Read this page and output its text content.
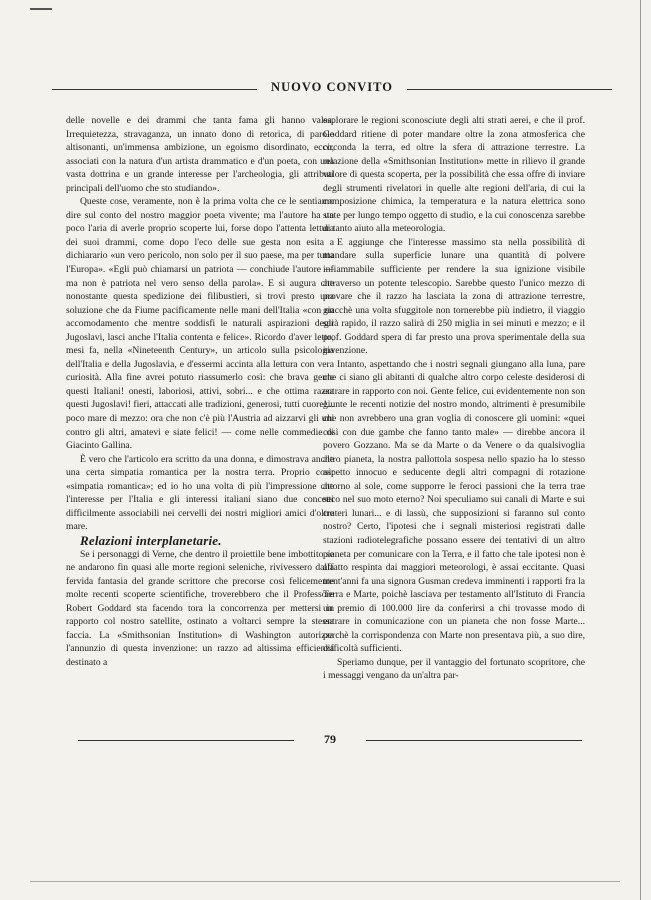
NUOVO CONVITO

delle novelle e dei drammi che tanta fama gli hanno valsa. Irrequietezza, stravaganza, un innato dono di retorica, di parole altisonanti, un'immensa ambizione, un egoismo disordinato, ecco, associati con la natura d'un artista drammatico e d'un poeta, con una vasta dottrina e un grande interesse per l'archeologia, gli attributi principali dell'uomo che sto studiando».

Queste cose, veramente, non è la prima volta che ce le sentiamo dire sul conto del nostro maggior poeta vivente; ma l'autore ha un poco l'aria di averle proprio scoperte lui, forse dopo l'attenta lettura dei suoi drammi, come dopo l'eco delle sue gesta non esita a dichiarario «un vero pericolo, non solo per il suo paese, ma per tutta l'Europa». «Egli può chiamarsi un patriota — conchiude l'autore — ma non è patriota nel vero senso della parola». E si augura che nonostante questa spedizione dei filibustieri, si trovi presto una soluzione che da Fiume pacificamente nelle mani dell'Italia «con un accomodamento che mentre soddisfi le naturali aspirazioni degli Jugoslavi, lasci anche l'Italia contenta e felice». Ricordo d'aver letto, mesi fa, nella «Nineteenth Century», un articolo sulla psicologia dell'Italia e della Jugoslavia, e d'essermi accinta alla lettura con vera curiosità. Alla fine avrei potuto riassumerlo così: che brava gente questi Italiani! onesti, laboriosi, attivi, sobri... e che ottima razza questi Jugoslavi! fieri, attaccati alle tradizioni, generosi, tutti cuore!... poco mare di mezzo: ora che non c'è più l'Austria ad aizzarvi gli uni contro gli altri, amatevi e siate felici! — come nelle commedie di Giacinto Gallina.

È vero che l'articolo era scritto da una donna, e dimostrava anche una certa simpatia romantica per la nostra terra. Proprio così: «simpatia romantica»; ed io ho una volta di più l'impressione che l'interesse per l'Italia e gli interessi italiani siano due concetti difficilmente associabili nei cervelli dei nostri migliori amici d'oltre mare.

Relazioni interplanetarie.

Se i personaggi di Verne, che dentro il proiettile bene imbottito se ne andarono fin quasi alle morte regioni seleniche, rivivessero dalla fervida fantasia del grande scrittore che precorse così felicemente molte recenti scoperte scientifiche, troverebbero che il Professore Robert Goddard sta facendo tora la concorrenza per mettersi in rapporto col nostro satellite, ostinato a voltarci sempre la stessa faccia. La «Smithsonian Institution» di Washington autorizza l'annunzio di questa invenzione: un razzo ad altissima efficienza destinato a

esplorare le regioni sconosciute degli alti strati aerei, e che il prof. Goddard ritiene di poter mandare oltre la zona atmosferica che circonda la terra, ed oltre la sfera di attrazione terrestre. La relazione della «Smithsonian Institution» mette in rilievo il grande valore di questa scoperta, per la possibilità che essa offre di inviare degli strumenti rivelatori in quelle alte regioni dell'aria, di cui la composizione chimica, la temperatura e la natura elettrica sono state per lungo tempo oggetto di studio, e la cui conoscenza sarebbe di tanto aiuto alla meteorologia.

E aggiunge che l'interesse massimo sta nella possibilità di mandare sulla superficie lunare una quantità di polvere infiammabile sufficiente per rendere la sua ignizione visibile attraverso un potente telescopio. Sarebbe questo l'unico mezzo di provare che il razzo ha lasciata la zona di attrazione terrestre, giacchè una volta sfuggitole non tornerebbe più indietro, il viaggio sarà rapido, il razzo salirà di 250 miglia in sei minuti e mezzo; e il prof. Goddard spera di far presto una prova sperimentale della sua invenzione.

Intanto, aspettando che i nostri segnali giungano alla luna, pare che ci siano gli abitanti di qualche altro corpo celeste desiderosi di entrare in rapporto con noi. Gente felice, cui evidentemente non son giunte le recenti notizie del nostro mondo, altrimenti è presumibile che non avrebbero una gran voglia di conoscere gli uomini: «quei così con due gambe che fanno tanto male» — direbbe ancora il povero Gozzano. Ma se da Marte o da Venere o da qualsivoglia altro pianeta, la nostra pallottola sospesa nello spazio ha lo stesso aspetto innocuo e seducente degli altri compagni di rotazione attorno al sole, come supporre le feroci passioni che la terra trae seco nel suo moto eterno? Noi speculiamo sui canali di Marte e sui crateri lunari... e di lassù, che supposizioni si faranno sul conto nostro? Certo, l'ipotesi che i segnali misteriosi registrati dalle stazioni radiotelegrafiche possano essere dei tentativi di un altro pianeta per comunicare con la Terra, e il fatto che tale ipotesi non è affatto respinta dai maggiori meteorologi, è assai eccitante. Quasi trent'anni fa una signora Gusman credeva imminenti i rapporti fra la Terra e Marte, poichè lasciava per testamento all'Istituto di Francia un premio di 100.000 lire da conferirsi a chi trovasse modo di entrare in comunicazione con un pianeta che non fosse Marte... perchè la corrispondenza con Marte non presentava più, a suo dire, difficoltà sufficienti.

Speriamo dunque, per il vantaggio del fortunato scopritore, che i messaggi vengano da un'altra par-

79
